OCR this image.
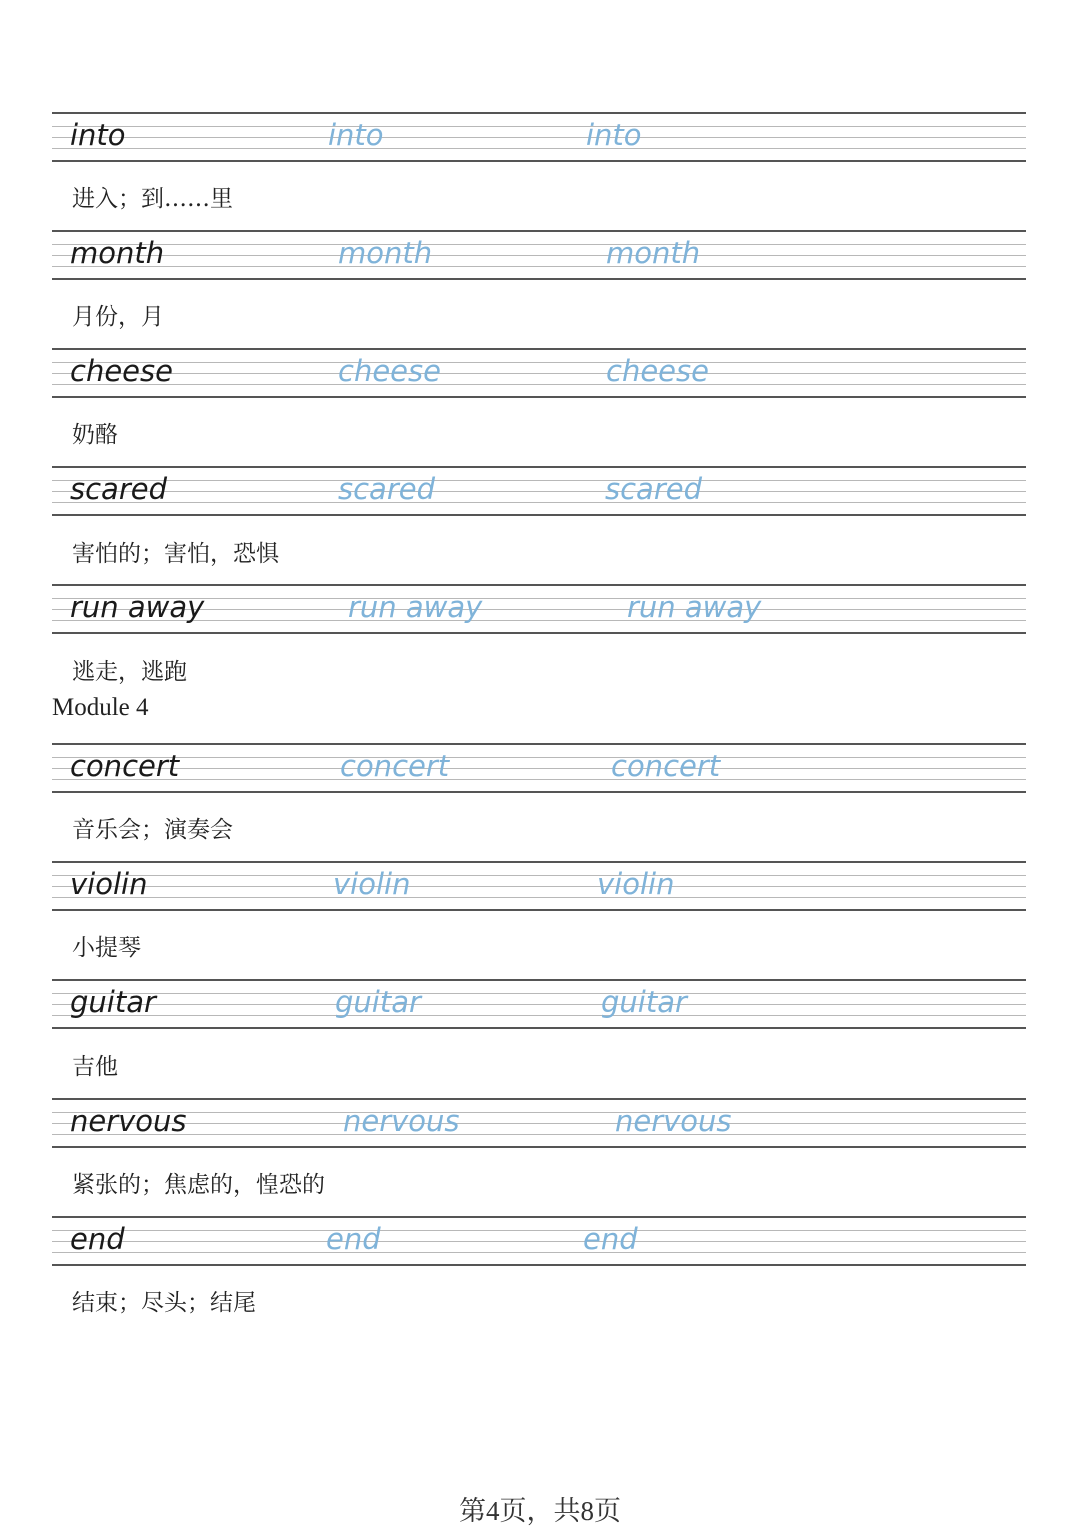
into	into	into
进入；到……里
month	month	month
月份，月
cheese	cheese	cheese
奶酪
scared	scared	scared
害怕的；害怕，恐惧
run away	run away	run away
逃走，逃跑
Module 4
concert	concert	concert
音乐会；演奏会
violin	violin	violin
小提琴
guitar	guitar	guitar
吉他
nervous	nervous	nervous
紧张的；焦虑的，惶恐的
end	end	end
结束；尽头；结尾
第4页，共8页
